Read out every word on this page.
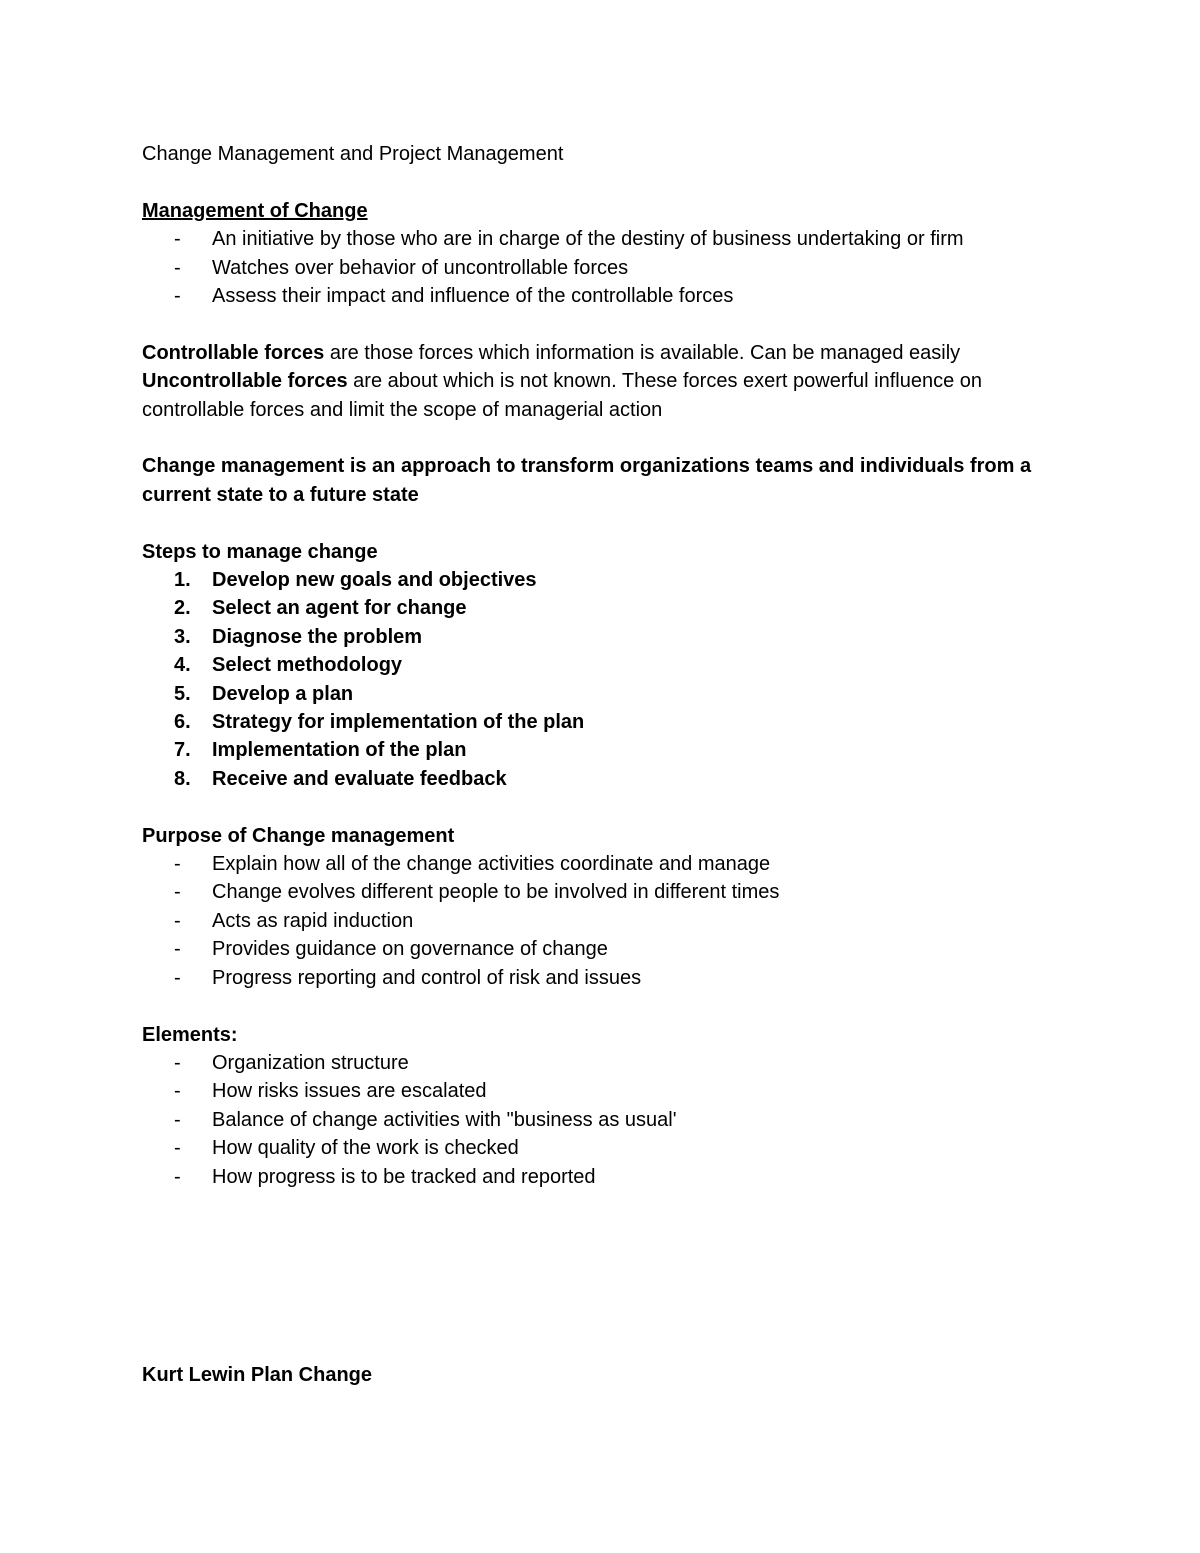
Change Management and Project Management

Management of Change

- An initiative by those who are in charge of the destiny of business undertaking or firm
- Watches over behavior of uncontrollable forces
- Assess their impact and influence of the controllable forces

Controllable forces are those forces which information is available. Can be managed easily
Uncontrollable forces are about which is not known. These forces exert powerful influence on controllable forces and limit the scope of managerial action

Change management is an approach to transform organizations teams and individuals from a current state to a future state

Steps to manage change

1. Develop new goals and objectives
2. Select an agent for change
3. Diagnose the problem
4. Select methodology
5. Develop a plan
6. Strategy for implementation of the plan
7. Implementation of the plan
8. Receive and evaluate feedback

Purpose of Change management

- Explain how all of the change activities coordinate and manage
- Change evolves different people to be involved in different times
- Acts as rapid induction
- Provides guidance on governance of change
- Progress reporting and control of risk and issues

Elements:

- Organization structure
- How risks issues are escalated
- Balance of change activities with "business as usual'
- How quality of the work is checked
- How progress is to be tracked and reported

Kurt Lewin Plan Change
